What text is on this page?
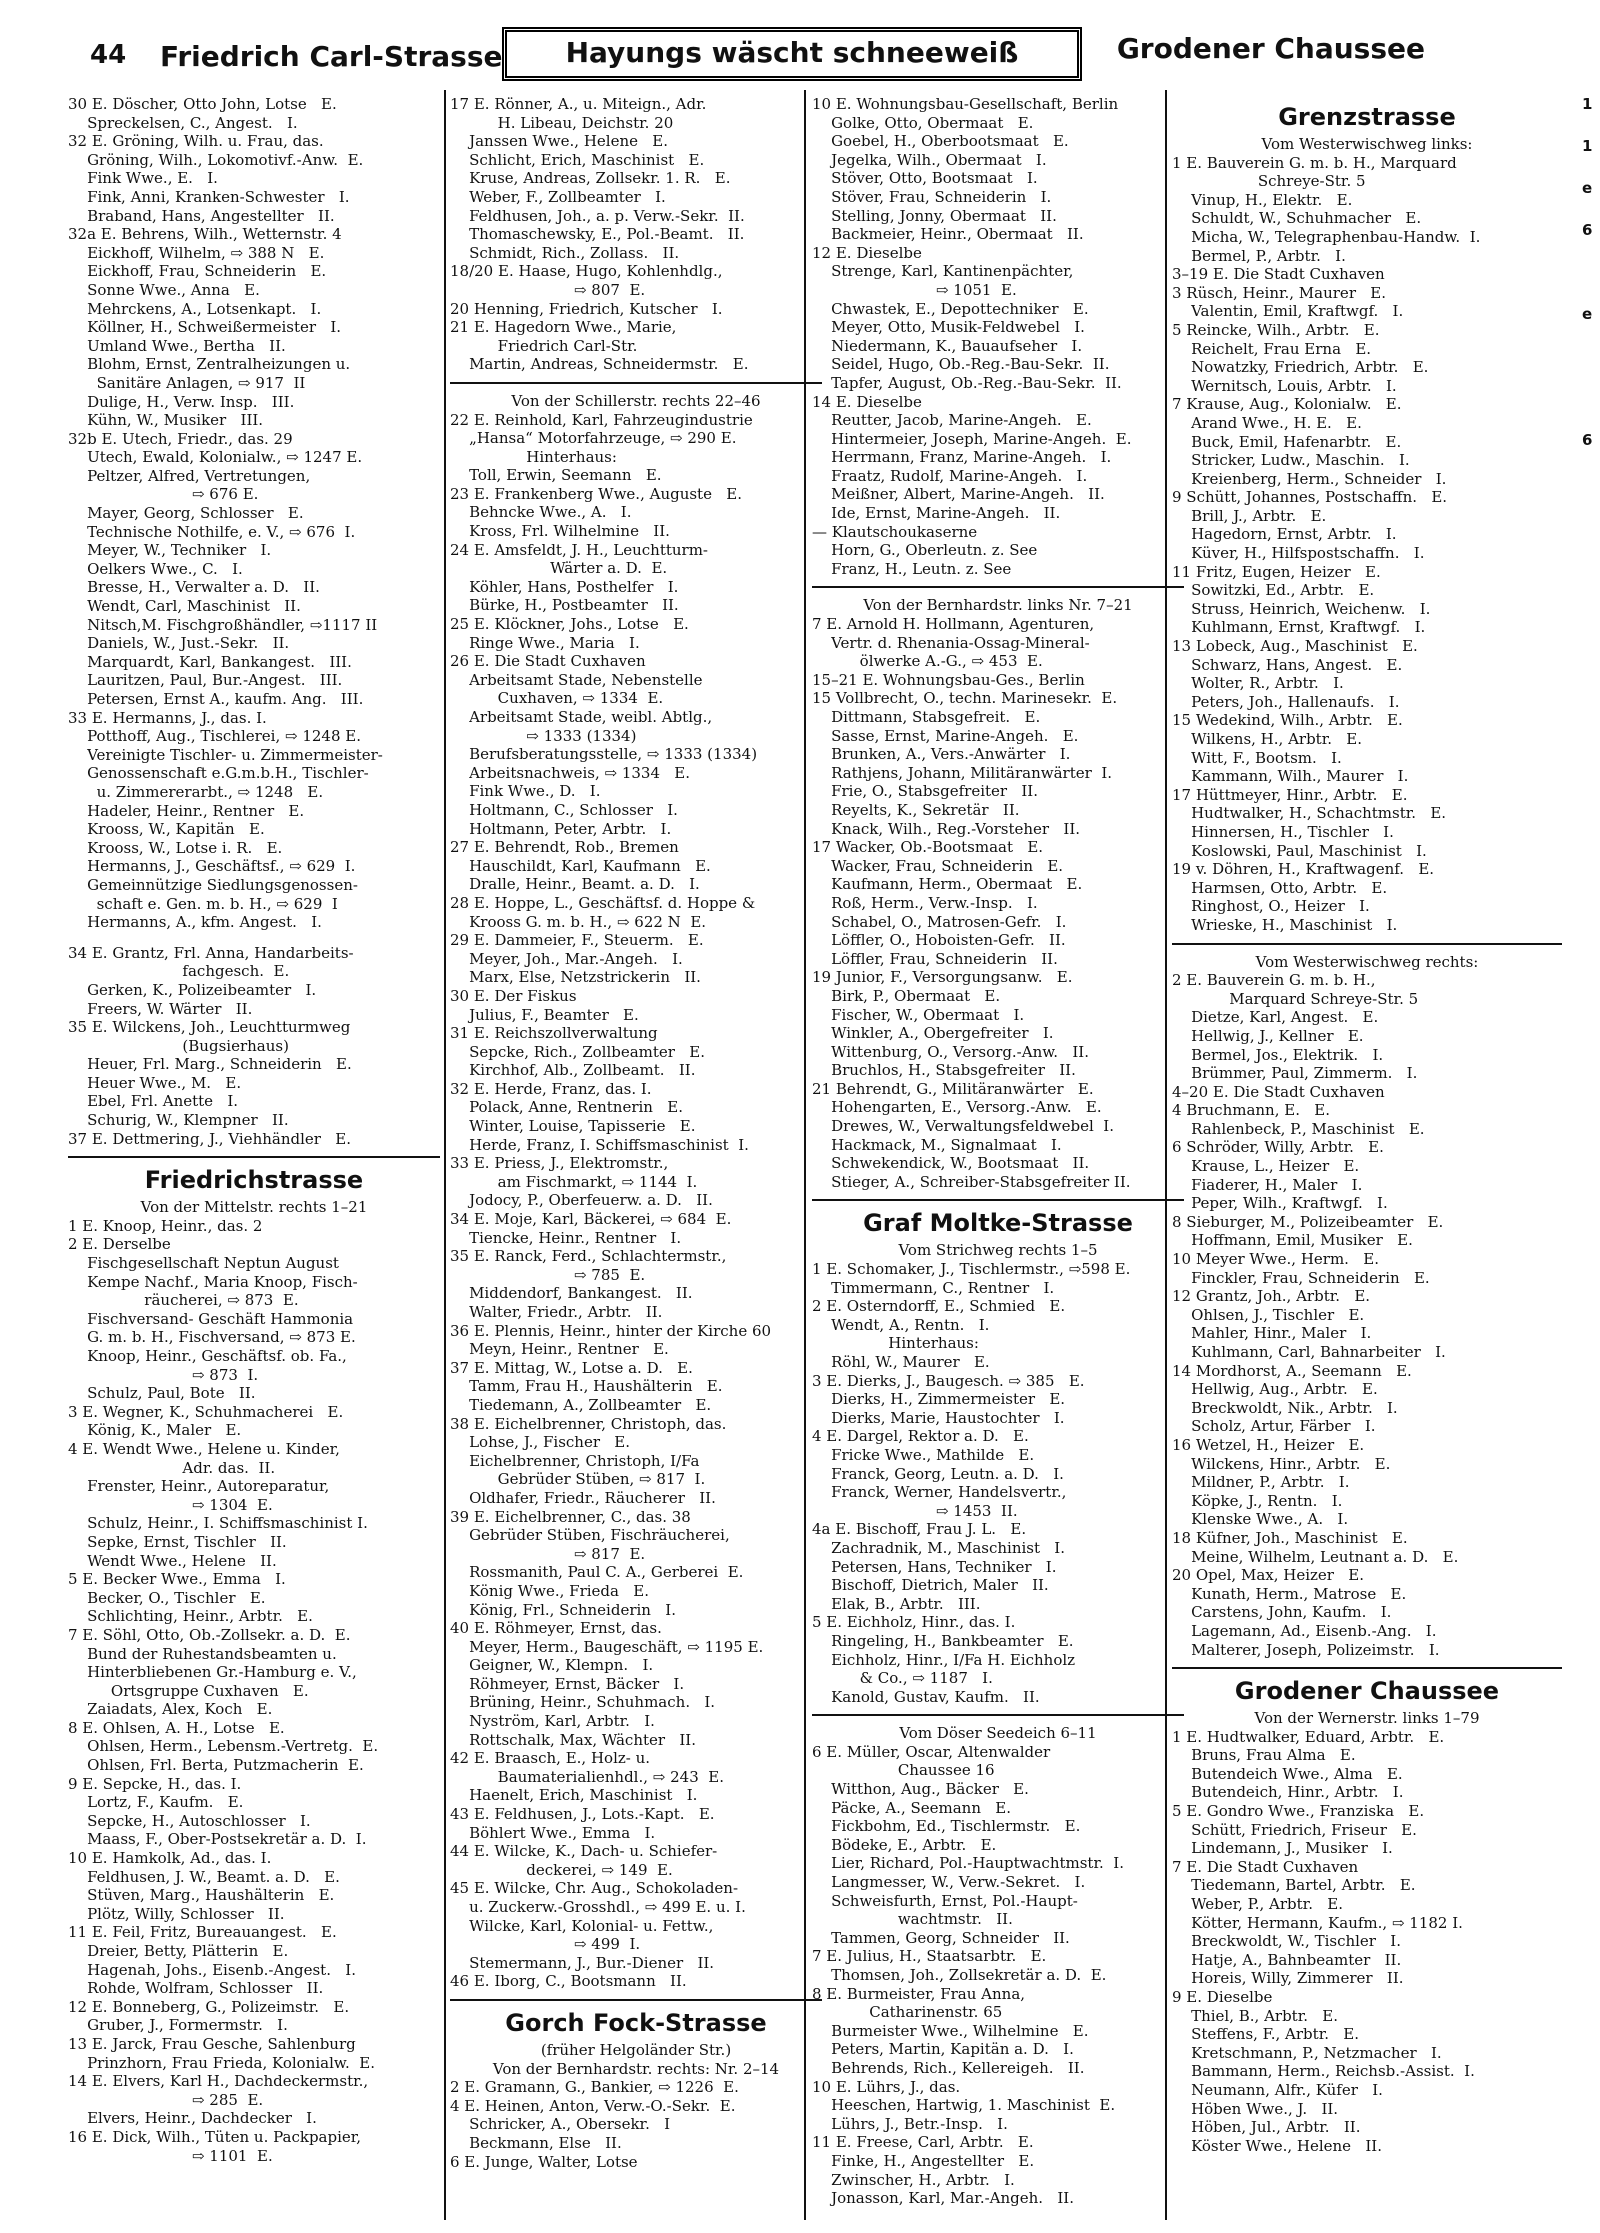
44 Friedrich Carl-Strasse	Hayungs wäscht schneeweiß	Grodener Chaussee
30 E. Döscher, Otto John, Lotse   E.
Spreckelsen, C., Angest.   I.
32 E. Gröning, Wilh. u. Frau, das.
Gröning, Wilh., Lokomotivf.-Anw.  E.
Fink Wwe., E.   I.
Fink, Anni, Kranken-Schwester   I.
Braband, Hans, Angestellter   II.
32a E. Behrens, Wilh., Wetternstr. 4
Eickhoff, Wilhelm, ⇨ 388 N   E.
Eickhoff, Frau, Schneiderin   E.
Sonne Wwe., Anna   E.
Mehrckens, A., Lotsenkapt.   I.
Köllner, H., Schweißermeister   I.
Umland Wwe., Bertha   II.
Blohm, Ernst, Zentralheizungen u.
Sanitäre Anlagen, ⇨ 917  II
Dulige, H., Verw. Insp.   III.
Kühn, W., Musiker   III.
32b E. Utech, Friedr., das. 29
Utech, Ewald, Kolonialw., ⇨ 1247 E.
Peltzer, Alfred, Vertretungen,
⇨ 676 E.
Mayer, Georg, Schlosser   E.
Technische Nothilfe, e. V., ⇨ 676  I.
Meyer, W., Techniker   I.
Oelkers Wwe., C.   I.
Bresse, H., Verwalter a. D.   II.
Wendt, Carl, Maschinist   II.
Nitsch,M. Fischgroßhändler, ⇨1117 II
Daniels, W., Just.-Sekr.   II.
Marquardt, Karl, Bankangest.   III.
Lauritzen, Paul, Bur.-Angest.   III.
Petersen, Ernst A., kaufm. Ang.   III.
33 E. Hermanns, J., das. I.
Potthoff, Aug., Tischlerei, ⇨ 1248 E.
Vereinigte Tischler- u. Zimmermeister-
Genossenschaft e.G.m.b.H., Tischler-
u. Zimmererarbt., ⇨ 1248   E.
Hadeler, Heinr., Rentner   E.
Krooss, W., Kapitän   E.
Krooss, W., Lotse i. R.   E.
Hermanns, J., Geschäftsf., ⇨ 629  I.
Gemeinnützige Siedlungsgenossen-
schaft e. Gen. m. b. H., ⇨ 629  I
Hermanns, A., kfm. Angest.   I.
34 E. Grantz, Frl. Anna, Handarbeits-
fachgesch.  E.
Gerken, K., Polizeibeamter   I.
Freers, W. Wärter   II.
35 E. Wilckens, Joh., Leuchtturmweg
(Bugsierhaus)
Heuer, Frl. Marg., Schneiderin   E.
Heuer Wwe., M.   E.
Ebel, Frl. Anette   I.
Schurig, W., Klempner   II.
37 E. Dettmering, J., Viehhändler   E.
Friedrichstrasse
Von der Mittelstr. rechts 1–21
1 E. Knoop, Heinr., das. 2
2 E. Derselbe
Fischgesellschaft Neptun August
Kempe Nachf., Maria Knoop, Fisch-
räucherei, ⇨ 873  E.
Fischversand- Geschäft Hammonia
G. m. b. H., Fischversand, ⇨ 873 E.
Knoop, Heinr., Geschäftsf. ob. Fa.,
⇨ 873  I.
Schulz, Paul, Bote   II.
3 E. Wegner, K., Schuhmacherei   E.
König, K., Maler   E.
4 E. Wendt Wwe., Helene u. Kinder,
Adr. das.  II.
Frenster, Heinr., Autoreparatur,
⇨ 1304  E.
Schulz, Heinr., I. Schiffsmaschinist I.
Sepke, Ernst, Tischler   II.
Wendt Wwe., Helene   II.
5 E. Becker Wwe., Emma   I.
Becker, O., Tischler   E.
Schlichting, Heinr., Arbtr.   E.
7 E. Söhl, Otto, Ob.-Zollsekr. a. D.  E.
Bund der Ruhestandsbeamten u.
Hinterbliebenen Gr.-Hamburg e. V.,
Ortsgruppe Cuxhaven   E.
Zaiadats, Alex, Koch   E.
8 E. Ohlsen, A. H., Lotse   E.
Ohlsen, Herm., Lebensm.-Vertretg.  E.
Ohlsen, Frl. Berta, Putzmacherin  E.
9 E. Sepcke, H., das. I.
Lortz, F., Kaufm.   E.
Sepcke, H., Autoschlosser   I.
Maass, F., Ober-Postsekretär a. D.  I.
10 E. Hamkolk, Ad., das. I.
Feldhusen, J. W., Beamt. a. D.   E.
Stüven, Marg., Haushälterin   E.
Plötz, Willy, Schlosser   II.
11 E. Feil, Fritz, Bureauangest.   E.
Dreier, Betty, Plätterin   E.
Hagenah, Johs., Eisenb.-Angest.   I.
Rohde, Wolfram, Schlosser   II.
12 E. Bonneberg, G., Polizeimstr.   E.
Gruber, J., Formermstr.   I.
13 E. Jarck, Frau Gesche, Sahlenburg
Prinzhorn, Frau Frieda, Kolonialw.  E.
14 E. Elvers, Karl H., Dachdeckermstr.,
⇨ 285  E.
Elvers, Heinr., Dachdecker   I.
16 E. Dick, Wilh., Tüten u. Packpapier,
⇨ 1101  E.
17 E. Rönner, A., u. Miteign., Adr.
H. Libeau, Deichstr. 20
Janssen Wwe., Helene   E.
Schlicht, Erich, Maschinist   E.
Kruse, Andreas, Zollsekr. 1. R.   E.
Weber, F., Zollbeamter   I.
Feldhusen, Joh., a. p. Verw.-Sekr.  II.
Thomaschewsky, E., Pol.-Beamt.   II.
Schmidt, Rich., Zollass.   II.
18/20 E. Haase, Hugo, Kohlenhdlg.,
⇨ 807  E.
20 Henning, Friedrich, Kutscher   I.
21 E. Hagedorn Wwe., Marie,
Friedrich Carl-Str.
Martin, Andreas, Schneidermstr.   E.
Von der Schillerstr. rechts 22–46
22 E. Reinhold, Karl, Fahrzeugindustrie
„Hansa“ Motorfahrzeuge, ⇨ 290 E.
Hinterhaus:
Toll, Erwin, Seemann   E.
23 E. Frankenberg Wwe., Auguste   E.
Behncke Wwe., A.   I.
Kross, Frl. Wilhelmine   II.
24 E. Amsfeldt, J. H., Leuchtturm-
Wärter a. D.  E.
Köhler, Hans, Posthelfer   I.
Bürke, H., Postbeamter   II.
25 E. Klöckner, Johs., Lotse   E.
Ringe Wwe., Maria   I.
26 E. Die Stadt Cuxhaven
Arbeitsamt Stade, Nebenstelle
Cuxhaven, ⇨ 1334  E.
Arbeitsamt Stade, weibl. Abtlg.,
⇨ 1333 (1334)
Berufsberatungsstelle, ⇨ 1333 (1334)
Arbeitsnachweis, ⇨ 1334   E.
Fink Wwe., D.   I.
Holtmann, C., Schlosser   I.
Holtmann, Peter, Arbtr.   I.
27 E. Behrendt, Rob., Bremen
Hauschildt, Karl, Kaufmann   E.
Dralle, Heinr., Beamt. a. D.   I.
28 E. Hoppe, L., Geschäftsf. d. Hoppe &
Krooss G. m. b. H., ⇨ 622 N  E.
29 E. Dammeier, F., Steuerm.   E.
Meyer, Joh., Mar.-Angeh.   I.
Marx, Else, Netzstrickerin   II.
30 E. Der Fiskus
Julius, F., Beamter   E.
31 E. Reichszollverwaltung
Sepcke, Rich., Zollbeamter   E.
Kirchhof, Alb., Zollbeamt.   II.
32 E. Herde, Franz, das. I.
Polack, Anne, Rentnerin   E.
Winter, Louise, Tapisserie   E.
Herde, Franz, I. Schiffsmaschinist  I.
33 E. Priess, J., Elektromstr.,
am Fischmarkt, ⇨ 1144  I.
Jodocy, P., Oberfeuerw. a. D.   II.
34 E. Moje, Karl, Bäckerei, ⇨ 684  E.
Tiencke, Heinr., Rentner   I.
35 E. Ranck, Ferd., Schlachtermstr.,
⇨ 785  E.
Middendorf, Bankangest.   II.
Walter, Friedr., Arbtr.   II.
36 E. Plennis, Heinr., hinter der Kirche 60
Meyn, Heinr., Rentner   E.
37 E. Mittag, W., Lotse a. D.   E.
Tamm, Frau H., Haushälterin   E.
Tiedemann, A., Zollbeamter   E.
38 E. Eichelbrenner, Christoph, das.
Lohse, J., Fischer   E.
Eichelbrenner, Christoph, I/Fa
Gebrüder Stüben, ⇨ 817  I.
Oldhafer, Friedr., Räucherer   II.
39 E. Eichelbrenner, C., das. 38
Gebrüder Stüben, Fischräucherei,
⇨ 817  E.
Rossmanith, Paul C. A., Gerberei  E.
König Wwe., Frieda   E.
König, Frl., Schneiderin   I.
40 E. Röhmeyer, Ernst, das.
Meyer, Herm., Baugeschäft, ⇨ 1195 E.
Geigner, W., Klempn.   I.
Röhmeyer, Ernst, Bäcker   I.
Brüning, Heinr., Schuhmach.   I.
Nyström, Karl, Arbtr.   I.
Rottschalk, Max, Wächter   II.
42 E. Braasch, E., Holz- u.
Baumaterialienhdl., ⇨ 243  E.
Haenelt, Erich, Maschinist   I.
43 E. Feldhusen, J., Lots.-Kapt.   E.
Böhlert Wwe., Emma   I.
44 E. Wilcke, K., Dach- u. Schiefer-
deckerei, ⇨ 149  E.
45 E. Wilcke, Chr. Aug., Schokoladen-
u. Zuckerw.-Grosshdl., ⇨ 499 E. u. I.
Wilcke, Karl, Kolonial- u. Fettw.,
⇨ 499  I.
Stemermann, J., Bur.-Diener   II.
46 E. Iborg, C., Bootsmann   II.
Gorch Fock-Strasse
(früher Helgoländer Str.)
Von der Bernhardstr. rechts: Nr. 2–14
2 E. Gramann, G., Bankier, ⇨ 1226  E.
4 E. Heinen, Anton, Verw.-O.-Sekr.  E.
Schricker, A., Obersekr.   I
Beckmann, Else   II.
6 E. Junge, Walter, Lotse
10 E. Wohnungsbau-Gesellschaft, Berlin
Golke, Otto, Obermaat   E.
Goebel, H., Oberbootsmaat   E.
Jegelka, Wilh., Obermaat   I.
Stöver, Otto, Bootsmaat   I.
Stöver, Frau, Schneiderin   I.
Stelling, Jonny, Obermaat   II.
Backmeier, Heinr., Obermaat   II.
12 E. Dieselbe
Strenge, Karl, Kantinenpächter,
⇨ 1051  E.
Chwastek, E., Depottechniker   E.
Meyer, Otto, Musik-Feldwebel   I.
Niedermann, K., Bauaufseher   I.
Seidel, Hugo, Ob.-Reg.-Bau-Sekr.  II.
Tapfer, August, Ob.-Reg.-Bau-Sekr.  II.
14 E. Dieselbe
Reutter, Jacob, Marine-Angeh.   E.
Hintermeier, Joseph, Marine-Angeh.  E.
Herrmann, Franz, Marine-Angeh.   I.
Fraatz, Rudolf, Marine-Angeh.   I.
Meißner, Albert, Marine-Angeh.   II.
Ide, Ernst, Marine-Angeh.   II.
— Klautschoukaserne
Horn, G., Oberleutn. z. See
Franz, H., Leutn. z. See
Von der Bernhardstr. links Nr. 7–21
7 E. Arnold H. Hollmann, Agenturen,
Vertr. d. Rhenania-Ossag-Mineral-
ölwerke A.-G., ⇨ 453  E.
15–21 E. Wohnungsbau-Ges., Berlin
15 Vollbrecht, O., techn. Marinesekr.  E.
Dittmann, Stabsgefreit.   E.
Sasse, Ernst, Marine-Angeh.   E.
Brunken, A., Vers.-Anwärter   I.
Rathjens, Johann, Militäranwärter  I.
Frie, O., Stabsgefreiter   II.
Reyelts, K., Sekretär   II.
Knack, Wilh., Reg.-Vorsteher   II.
17 Wacker, Ob.-Bootsmaat   E.
Wacker, Frau, Schneiderin   E.
Kaufmann, Herm., Obermaat   E.
Roß, Herm., Verw.-Insp.   I.
Schabel, O., Matrosen-Gefr.   I.
Löffler, O., Hoboisten-Gefr.   II.
Löffler, Frau, Schneiderin   II.
19 Junior, F., Versorgungsanw.   E.
Birk, P., Obermaat   E.
Fischer, W., Obermaat   I.
Winkler, A., Obergefreiter   I.
Wittenburg, O., Versorg.-Anw.   II.
Bruchlos, H., Stabsgefreiter   II.
21 Behrendt, G., Militäranwärter   E.
Hohengarten, E., Versorg.-Anw.   E.
Drewes, W., Verwaltungsfeldwebel  I.
Hackmack, M., Signalmaat   I.
Schwekendick, W., Bootsmaat   II.
Stieger, A., Schreiber-Stabsgefreiter II.
Graf Moltke-Strasse
Vom Strichweg rechts 1–5
1 E. Schomaker, J., Tischlermstr., ⇨598 E.
Timmermann, C., Rentner   I.
2 E. Osterndorff, E., Schmied   E.
Wendt, A., Rentn.   I.
Hinterhaus:
Röhl, W., Maurer   E.
3 E. Dierks, J., Baugesch. ⇨ 385   E.
Dierks, H., Zimmermeister   E.
Dierks, Marie, Haustochter   I.
4 E. Dargel, Rektor a. D.   E.
Fricke Wwe., Mathilde   E.
Franck, Georg, Leutn. a. D.   I.
Franck, Werner, Handelsvertr.,
⇨ 1453  II.
4a E. Bischoff, Frau J. L.   E.
Zachradnik, M., Maschinist   I.
Petersen, Hans, Techniker   I.
Bischoff, Dietrich, Maler   II.
Elak, B., Arbtr.   III.
5 E. Eichholz, Hinr., das. I.
Ringeling, H., Bankbeamter   E.
Eichholz, Hinr., I/Fa H. Eichholz
& Co., ⇨ 1187   I.
Kanold, Gustav, Kaufm.   II.
Vom Döser Seedeich 6–11
6 E. Müller, Oscar, Altenwalder
Chaussee 16
Witthon, Aug., Bäcker   E.
Päcke, A., Seemann   E.
Fickbohm, Ed., Tischlermstr.   E.
Bödeke, E., Arbtr.   E.
Lier, Richard, Pol.-Hauptwachtmstr.  I.
Langmesser, W., Verw.-Sekret.   I.
Schweisfurth, Ernst, Pol.-Haupt-
wachtmstr.   II.
Tammen, Georg, Schneider   II.
7 E. Julius, H., Staatsarbtr.   E.
Thomsen, Joh., Zollsekretär a. D.  E.
8 E. Burmeister, Frau Anna,
Catharinenstr. 65
Burmeister Wwe., Wilhelmine   E.
Peters, Martin, Kapitän a. D.   I.
Behrends, Rich., Kellereigeh.   II.
10 E. Lührs, J., das.
Heeschen, Hartwig, 1. Maschinist  E.
Lührs, J., Betr.-Insp.   I.
11 E. Freese, Carl, Arbtr.   E.
Finke, H., Angestellter   E.
Zwinscher, H., Arbtr.   I.
Jonasson, Karl, Mar.-Angeh.   II.
Grenzstrasse
Vom Westerwischweg links:
1 E. Bauverein G. m. b. H., Marquard
Schreye-Str. 5
Vinup, H., Elektr.   E.
Schuldt, W., Schuhmacher   E.
Micha, W., Telegraphenbau-Handw.  I.
Bermel, P., Arbtr.   I.
3–19 E. Die Stadt Cuxhaven
3 Rüsch, Heinr., Maurer   E.
Valentin, Emil, Kraftwgf.   I.
5 Reincke, Wilh., Arbtr.   E.
Reichelt, Frau Erna   E.
Nowatzky, Friedrich, Arbtr.   E.
Wernitsch, Louis, Arbtr.   I.
7 Krause, Aug., Kolonialw.   E.
Arand Wwe., H. E.   E.
Buck, Emil, Hafenarbtr.   E.
Stricker, Ludw., Maschin.   I.
Kreienberg, Herm., Schneider   I.
9 Schütt, Johannes, Postschaffn.   E.
Brill, J., Arbtr.   E.
Hagedorn, Ernst, Arbtr.   I.
Küver, H., Hilfspostschaffn.   I.
11 Fritz, Eugen, Heizer   E.
Sowitzki, Ed., Arbtr.   E.
Struss, Heinrich, Weichenw.   I.
Kuhlmann, Ernst, Kraftwgf.   I.
13 Lobeck, Aug., Maschinist   E.
Schwarz, Hans, Angest.   E.
Wolter, R., Arbtr.   I.
Peters, Joh., Hallenaufs.   I.
15 Wedekind, Wilh., Arbtr.   E.
Wilkens, H., Arbtr.   E.
Witt, F., Bootsm.   I.
Kammann, Wilh., Maurer   I.
17 Hüttmeyer, Hinr., Arbtr.   E.
Hudtwalker, H., Schachtmstr.   E.
Hinnersen, H., Tischler   I.
Koslowski, Paul, Maschinist   I.
19 v. Döhren, H., Kraftwagenf.   E.
Harmsen, Otto, Arbtr.   E.
Ringhost, O., Heizer   I.
Wrieske, H., Maschinist   I.
Vom Westerwischweg rechts:
2 E. Bauverein G. m. b. H.,
Marquard Schreye-Str. 5
Dietze, Karl, Angest.   E.
Hellwig, J., Kellner   E.
Bermel, Jos., Elektrik.   I.
Brümmer, Paul, Zimmerm.   I.
4–20 E. Die Stadt Cuxhaven
4 Bruchmann, E.   E.
Rahlenbeck, P., Maschinist   E.
6 Schröder, Willy, Arbtr.   E.
Krause, L., Heizer   E.
Fiaderer, H., Maler   I.
Peper, Wilh., Kraftwgf.   I.
8 Sieburger, M., Polizeibeamter   E.
Hoffmann, Emil, Musiker   E.
10 Meyer Wwe., Herm.   E.
Finckler, Frau, Schneiderin   E.
12 Grantz, Joh., Arbtr.   E.
Ohlsen, J., Tischler   E.
Mahler, Hinr., Maler   I.
Kuhlmann, Carl, Bahnarbeiter   I.
14 Mordhorst, A., Seemann   E.
Hellwig, Aug., Arbtr.   E.
Breckwoldt, Nik., Arbtr.   I.
Scholz, Artur, Färber   I.
16 Wetzel, H., Heizer   E.
Wilckens, Hinr., Arbtr.   E.
Mildner, P., Arbtr.   I.
Köpke, J., Rentn.   I.
Klenske Wwe., A.   I.
18 Küfner, Joh., Maschinist   E.
Meine, Wilhelm, Leutnant a. D.   E.
20 Opel, Max, Heizer   E.
Kunath, Herm., Matrose   E.
Carstens, John, Kaufm.   I.
Lagemann, Ad., Eisenb.-Ang.   I.
Malterer, Joseph, Polizeimstr.   I.
Grodener Chaussee
Von der Wernerstr. links 1–79
1 E. Hudtwalker, Eduard, Arbtr.   E.
Bruns, Frau Alma   E.
Butendeich Wwe., Alma   E.
Butendeich, Hinr., Arbtr.   I.
5 E. Gondro Wwe., Franziska   E.
Schütt, Friedrich, Friseur   E.
Lindemann, J., Musiker   I.
7 E. Die Stadt Cuxhaven
Tiedemann, Bartel, Arbtr.   E.
Weber, P., Arbtr.   E.
Kötter, Hermann, Kaufm., ⇨ 1182 I.
Breckwoldt, W., Tischler   I.
Hatje, A., Bahnbeamter   II.
Horeis, Willy, Zimmerer   II.
9 E. Dieselbe
Thiel, B., Arbtr.   E.
Steffens, F., Arbtr.   E.
Kretschmann, P., Netzmacher   I.
Bammann, Herm., Reichsb.-Assist.  I.
Neumann, Alfr., Küfer   I.
Höben Wwe., J.   II.
Höben, Jul., Arbtr.   II.
Köster Wwe., Helene   II.
1
1
e
6
e
6
